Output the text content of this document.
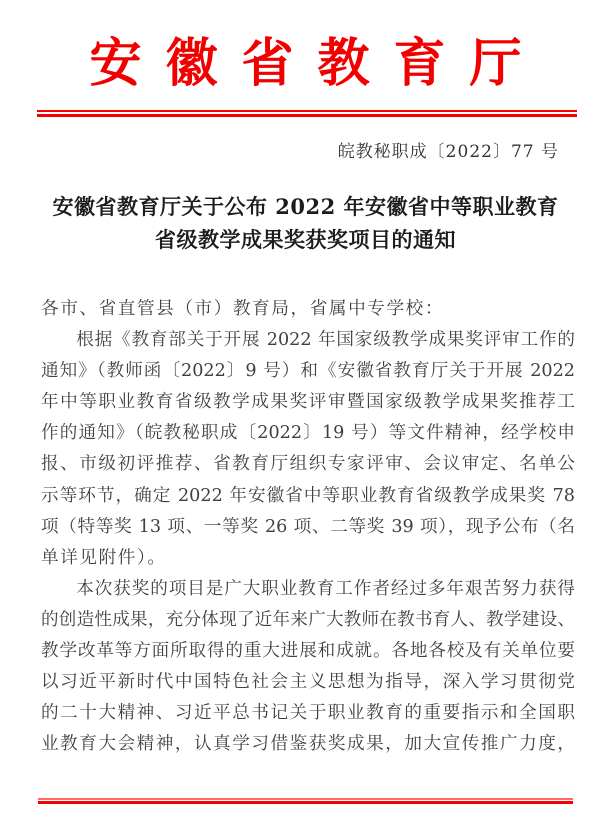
安徽省教育厅
皖教秘职成〔2022〕77 号
安徽省教育厅关于公布 2022 年安徽省中等职业教育
省级教学成果奖获奖项目的通知
各市、省直管县（市）教育局，省属中专学校：
根据《教育部关于开展 2022 年国家级教学成果奖评审工作的
通知》（教师函〔2022〕9 号）和《安徽省教育厅关于开展 2022
年中等职业教育省级教学成果奖评审暨国家级教学成果奖推荐工
作的通知》（皖教秘职成〔2022〕19 号）等文件精神，经学校申
报、市级初评推荐、省教育厅组织专家评审、会议审定、名单公
示等环节，确定 2022 年安徽省中等职业教育省级教学成果奖 78
项（特等奖 13 项、一等奖 26 项、二等奖 39 项），现予公布（名
单详见附件）。
本次获奖的项目是广大职业教育工作者经过多年艰苦努力获得
的创造性成果，充分体现了近年来广大教师在教书育人、教学建设、
教学改革等方面所取得的重大进展和成就。各地各校及有关单位要
以习近平新时代中国特色社会主义思想为指导，深入学习贯彻党
的二十大精神、习近平总书记关于职业教育的重要指示和全国职
业教育大会精神，认真学习借鉴获奖成果，加大宣传推广力度，
